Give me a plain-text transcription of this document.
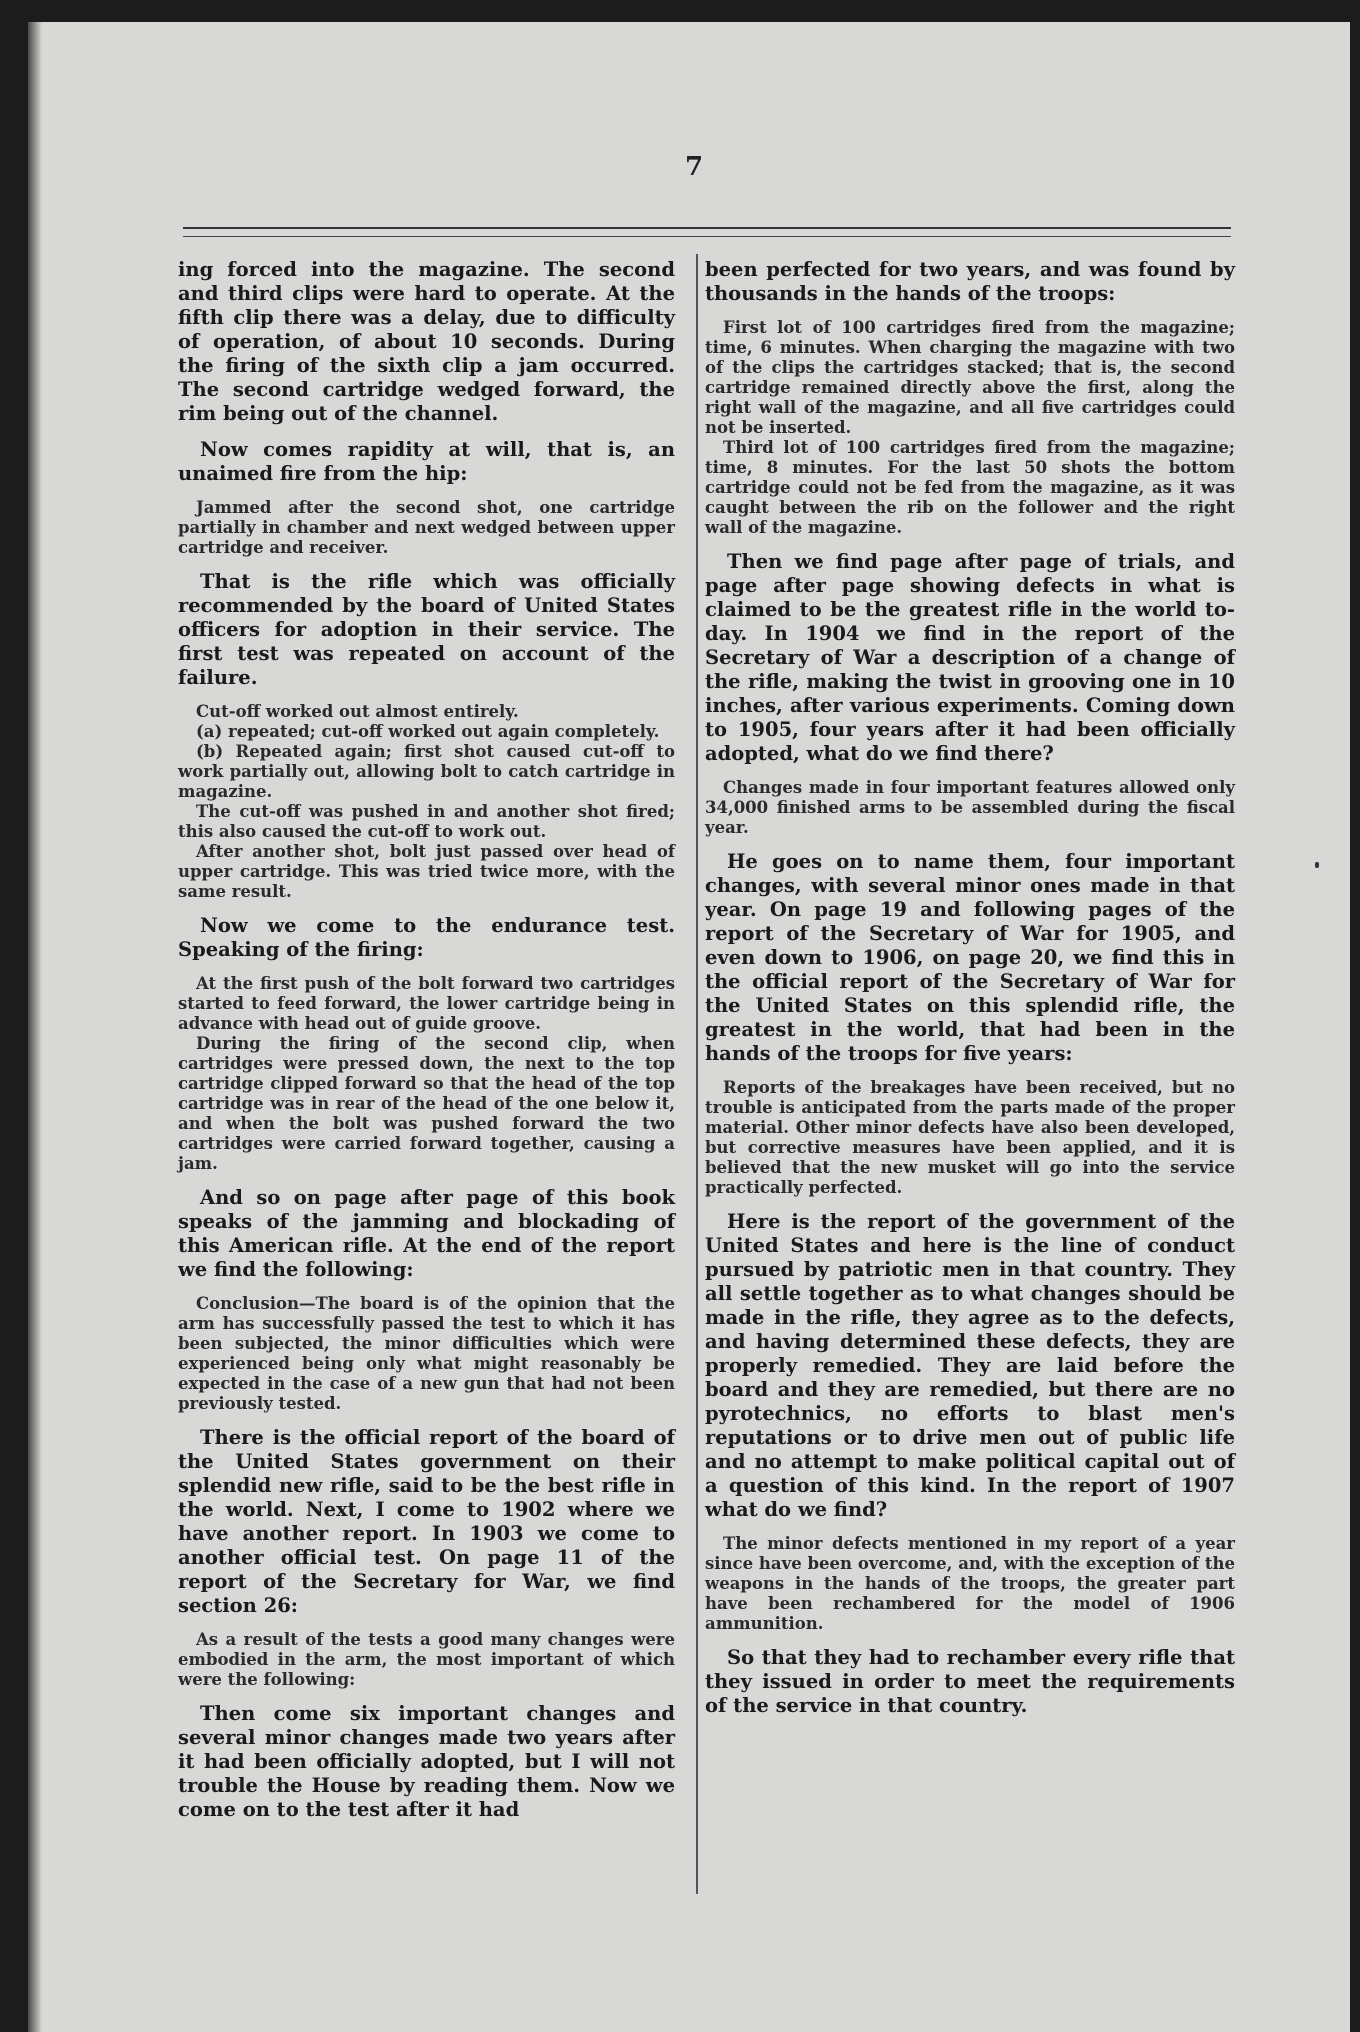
7

ing forced into the magazine. The second and third clips were hard to operate. At the fifth clip there was a delay, due to difficulty of operation, of about 10 seconds. During the firing of the sixth clip a jam occurred. The second cartridge wedged forward, the rim being out of the channel.

Now comes rapidity at will, that is, an unaimed fire from the hip:

Jammed after the second shot, one cartridge partially in chamber and next wedged between upper cartridge and receiver.

That is the rifle which was officially recommended by the board of United States officers for adoption in their service. The first test was repeated on account of the failure.

Cut-off worked out almost entirely.

(a) repeated; cut-off worked out again completely.

(b) Repeated again; first shot caused cut-off to work partially out, allowing bolt to catch cartridge in magazine.

The cut-off was pushed in and another shot fired; this also caused the cut-off to work out.

After another shot, bolt just passed over head of upper cartridge. This was tried twice more, with the same result.

Now we come to the endurance test. Speaking of the firing:

At the first push of the bolt forward two cartridges started to feed forward, the lower cartridge being in advance with head out of guide groove.

During the firing of the second clip, when cartridges were pressed down, the next to the top cartridge clipped forward so that the head of the top cartridge was in rear of the head of the one below it, and when the bolt was pushed forward the two cartridges were carried forward together, causing a jam.

And so on page after page of this book speaks of the jamming and blockading of this American rifle. At the end of the report we find the following:

Conclusion—The board is of the opinion that the arm has successfully passed the test to which it has been subjected, the minor difficulties which were experienced being only what might reasonably be expected in the case of a new gun that had not been previously tested.

There is the official report of the board of the United States government on their splendid new rifle, said to be the best rifle in the world. Next, I come to 1902 where we have another report. In 1903 we come to another official test. On page 11 of the report of the Secretary for War, we find section 26:

As a result of the tests a good many changes were embodied in the arm, the most important of which were the following:

Then come six important changes and several minor changes made two years after it had been officially adopted, but I will not trouble the House by reading them. Now we come on to the test after it had

been perfected for two years, and was found by thousands in the hands of the troops:

First lot of 100 cartridges fired from the magazine; time, 6 minutes. When charging the magazine with two of the clips the cartridges stacked; that is, the second cartridge remained directly above the first, along the right wall of the magazine, and all five cartridges could not be inserted.

Third lot of 100 cartridges fired from the magazine; time, 8 minutes. For the last 50 shots the bottom cartridge could not be fed from the magazine, as it was caught between the rib on the follower and the right wall of the magazine.

Then we find page after page of trials, and page after page showing defects in what is claimed to be the greatest rifle in the world to-day. In 1904 we find in the report of the Secretary of War a description of a change of the rifle, making the twist in grooving one in 10 inches, after various experiments. Coming down to 1905, four years after it had been officially adopted, what do we find there?

Changes made in four important features allowed only 34,000 finished arms to be assembled during the fiscal year.

He goes on to name them, four important changes, with several minor ones made in that year. On page 19 and following pages of the report of the Secretary of War for 1905, and even down to 1906, on page 20, we find this in the official report of the Secretary of War for the United States on this splendid rifle, the greatest in the world, that had been in the hands of the troops for five years:

Reports of the breakages have been received, but no trouble is anticipated from the parts made of the proper material. Other minor defects have also been developed, but corrective measures have been applied, and it is believed that the new musket will go into the service practically perfected.

Here is the report of the government of the United States and here is the line of conduct pursued by patriotic men in that country. They all settle together as to what changes should be made in the rifle, they agree as to the defects, and having determined these defects, they are properly remedied. They are laid before the board and they are remedied, but there are no pyrotechnics, no efforts to blast men's reputations or to drive men out of public life and no attempt to make political capital out of a question of this kind. In the report of 1907 what do we find?

The minor defects mentioned in my report of a year since have been overcome, and, with the exception of the weapons in the hands of the troops, the greater part have been rechambered for the model of 1906 ammunition.

So that they had to rechamber every rifle that they issued in order to meet the requirements of the service in that country.
